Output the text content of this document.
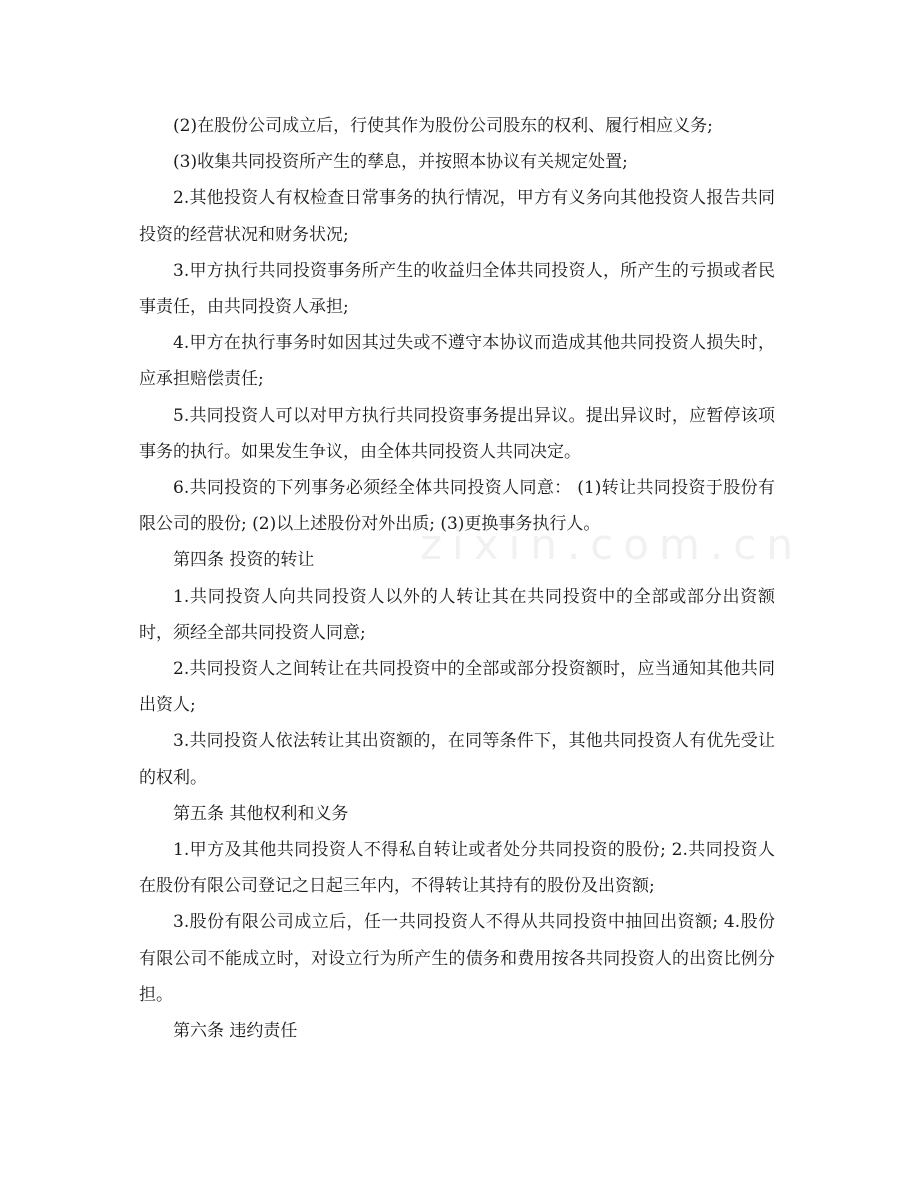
zixin.com.cn

(2)在股份公司成立后，行使其作为股份公司股东的权利、履行相应义务;

(3)收集共同投资所产生的孳息，并按照本协议有关规定处置;

2.其他投资人有权检查日常事务的执行情况，甲方有义务向其他投资人报告共同投资的经营状况和财务状况;

3.甲方执行共同投资事务所产生的收益归全体共同投资人，所产生的亏损或者民事责任，由共同投资人承担;

4.甲方在执行事务时如因其过失或不遵守本协议而造成其他共同投资人损失时，应承担赔偿责任;

5.共同投资人可以对甲方执行共同投资事务提出异议。提出异议时，应暂停该项事务的执行。如果发生争议，由全体共同投资人共同决定。

6.共同投资的下列事务必须经全体共同投资人同意： (1)转让共同投资于股份有限公司的股份; (2)以上述股份对外出质; (3)更换事务执行人。

第四条 投资的转让

1.共同投资人向共同投资人以外的人转让其在共同投资中的全部或部分出资额时，须经全部共同投资人同意;

2.共同投资人之间转让在共同投资中的全部或部分投资额时，应当通知其他共同出资人;

3.共同投资人依法转让其出资额的，在同等条件下，其他共同投资人有优先受让的权利。

第五条 其他权利和义务

1.甲方及其他共同投资人不得私自转让或者处分共同投资的股份; 2.共同投资人在股份有限公司登记之日起三年内，不得转让其持有的股份及出资额;

3.股份有限公司成立后，任一共同投资人不得从共同投资中抽回出资额; 4.股份有限公司不能成立时，对设立行为所产生的债务和费用按各共同投资人的出资比例分担。

第六条 违约责任
